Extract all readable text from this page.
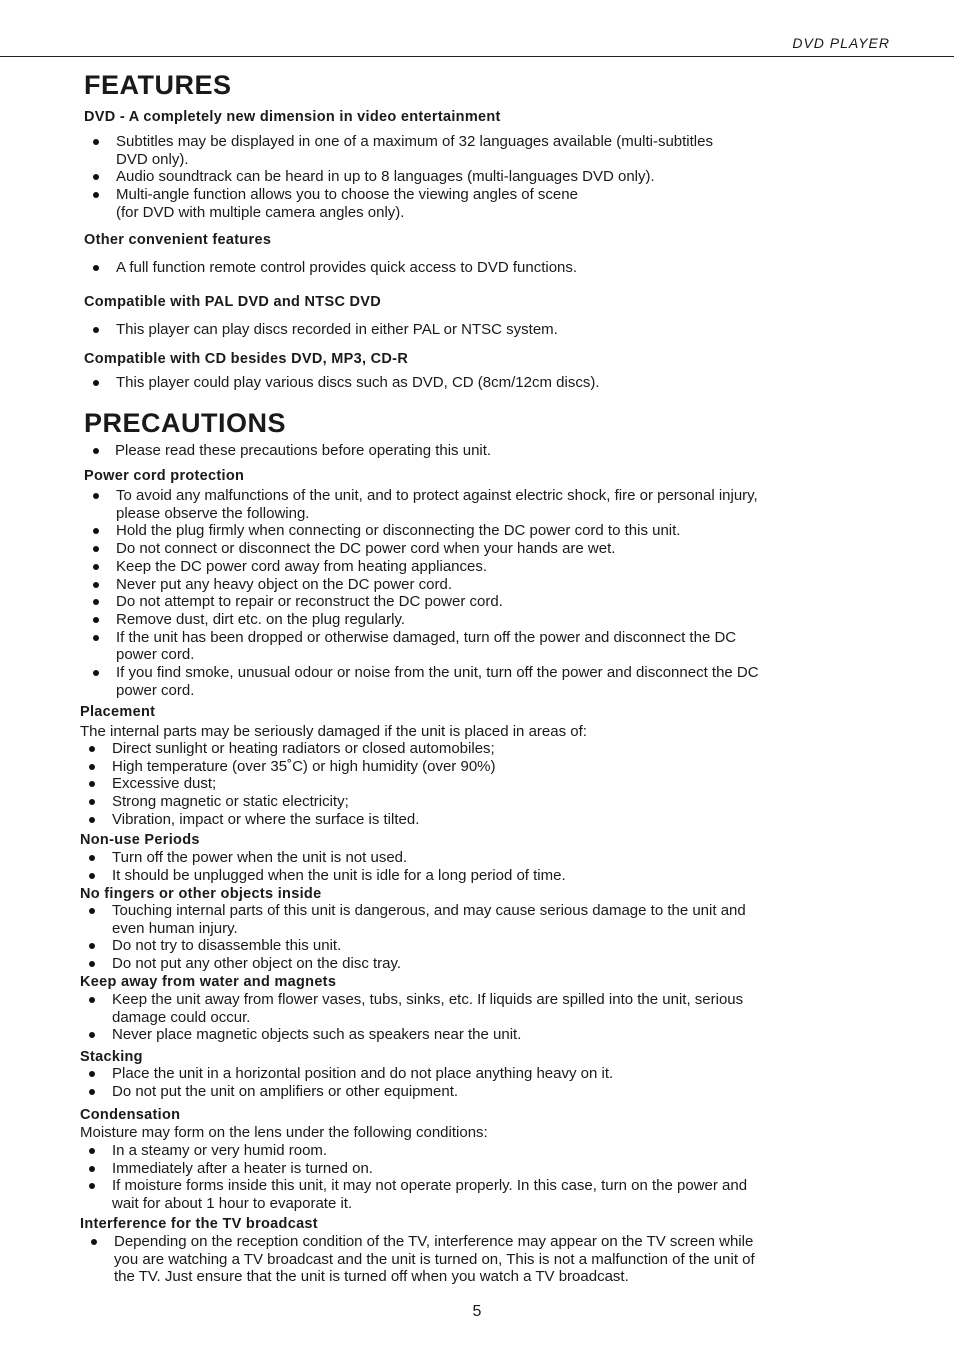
DVD PLAYER
FEATURES
DVD - A completely new dimension in video entertainment
Subtitles may be displayed in one of a maximum of 32 languages available (multi-subtitles
DVD only).
Audio soundtrack can be heard in up to 8 languages (multi-languages DVD only).
Multi-angle function allows you to choose the viewing angles of scene
(for DVD with multiple camera angles only).
Other convenient features
A full function remote control provides quick access to DVD functions.
Compatible with PAL DVD and NTSC DVD
This player can play discs recorded in either PAL or NTSC system.
Compatible with CD besides DVD, MP3, CD-R
This player could play various discs such as DVD, CD (8cm/12cm discs).
PRECAUTIONS
Please read these precautions before operating this unit.
Power cord protection
To avoid any malfunctions of the unit, and to protect against electric shock, fire or personal injury,
please observe the following.
Hold the plug firmly when connecting or disconnecting the DC power cord to this unit.
Do not connect or disconnect the DC power cord when your hands are wet.
Keep the DC power cord away from heating appliances.
Never put any heavy object on the DC power cord.
Do not attempt to repair or reconstruct the DC power cord.
Remove dust, dirt etc. on the plug regularly.
If the unit has been dropped or otherwise damaged, turn off the power and disconnect the DC
power cord.
If you find smoke, unusual odour or noise from the unit, turn off the power and disconnect the DC
power cord.
Placement
The internal parts may be seriously damaged if the unit is placed in areas of:
Direct sunlight or heating radiators or closed automobiles;
High temperature (over 35˚C) or high humidity (over 90%)
Excessive dust;
Strong magnetic or static electricity;
Vibration, impact or where the surface is tilted.
Non-use Periods
Turn off the power when the unit is not used.
It should be unplugged when the unit is idle for a long period of time.
No fingers or other objects inside
Touching internal parts of this unit is dangerous, and may cause serious damage to the unit and
even human injury.
Do not try to disassemble this unit.
Do not put any other object on the disc tray.
Keep away from water and magnets
Keep the unit away from flower vases, tubs, sinks, etc. If liquids are spilled into the unit, serious
damage could occur.
Never place magnetic objects such as speakers near the unit.
Stacking
Place the unit in a horizontal position and do not place anything heavy on it.
Do not put the unit on amplifiers or other equipment.
Condensation
Moisture may form on the lens under the following conditions:
In a steamy or very humid room.
Immediately after a heater is turned on.
If moisture forms inside this unit, it may not operate properly. In this case, turn on the power and
wait for about 1 hour to evaporate it.
Interference for the TV broadcast
Depending on the reception condition of the TV, interference may appear on the TV screen while
you are watching a TV broadcast and the unit is turned on, This is not a malfunction of the unit of
the TV. Just ensure that the unit is turned off when you watch a TV broadcast.
5
